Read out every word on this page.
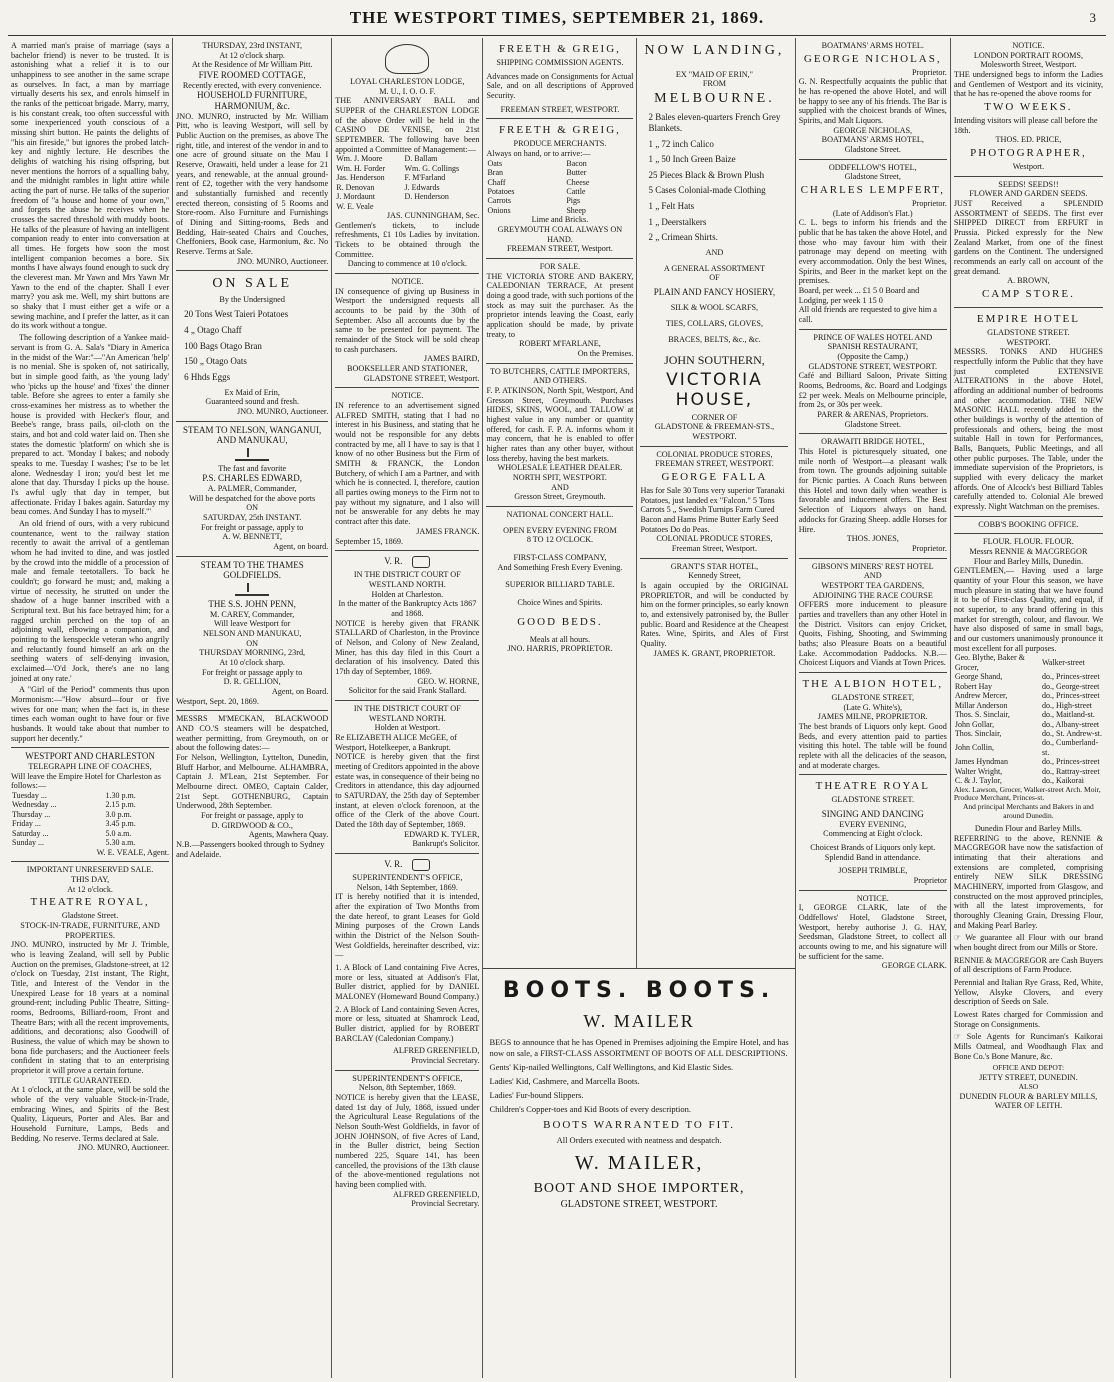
THE WESTPORT TIMES, SEPTEMBER 21, 1869.	3

A married man's praise of marriage (says a bachelor friend) is never to be trusted. It is astonishing what a relief it is to our unhappiness to see another in the same scrape as ourselves. In fact, a man by marriage virtually deserts his sex, and enrols himself in the ranks of the petticoat brigade. Marry, marry, is his constant creak, too often successful with some inexperienced youth conscious of a missing shirt button. He paints the delights of "his ain fireside," but ignores the probed latch-key and nightly lecture. He describes the delights of watching his rising offspring, but never mentions the horrors of a squalling baby, and the midnight rambles in light attire while acting the part of nurse. He talks of the superior freedom of "a house and home of your own," and forgets the abuse he receives when he crosses the sacred threshold with muddy boots. He talks of the pleasure of having an intelligent companion ready to enter into conversation at all times. He forgets how soon the most intelligent companion becomes a bore. Six months I have always found enough to suck dry the cleverest man. Mr Yawn and Mrs Yawn Mr Yawn to the end of the chapter. Shall I ever marry? you ask me. Well, my shirt buttons are so shaky that I must either get a wife or a sewing machine, and I prefer the latter, as it can do its work without a tongue.

The following description of a Yankee maid-servant is from G. A. Sala's "Diary in America in the midst of the War:"—"An American 'help' is no menial. She is spoken of, not satirically, but in simple good faith, as 'the young lady' who 'picks up the house' and 'fixes' the dinner table. Before she agrees to enter a family she cross-examines her mistress as to whether the house is provided with Hecker's flour, and Beebe's range, brass pails, oil-cloth on the stairs, and hot and cold water laid on. Then she states the domestic 'platform' on which she is prepared to act. 'Monday I bakes; and nobody speaks to me. Tuesday I washes; I'se to be let alone. Wednesday I iron; you'd best let me alone that day. Thursday I picks up the house. I's awful ugly that day in temper, but affectionate. Friday I bakes again. Saturday my beau comes. And Sunday I has to myself.'"

An old friend of ours, with a very rubicund countenance, went to the railway station recently to await the arrival of a gentleman whom he had invited to dine, and was jostled by the crowd into the middle of a procession of male and female teetotallers. To back he couldn't; go forward he must; and, making a virtue of necessity, he strutted on under the shadow of a huge banner inscribed with a Scriptural text. But his face betrayed him; for a ragged urchin perched on the top of an adjoining wall, elbowing a companion, and pointing to the kenspeckle veteran who angrily and reluctantly found himself an ark on the seething waters of self-denying invasion, exclaimed—'O'd Jock, there's ane no lang joined at ony rate.'

A "Girl of the Period" comments thus upon Mormonism:—"How absurd—four or five wives for one man; when the fact is, in these times each woman ought to have four or five husbands. It would take about that number to support her decently."

WESTPORT AND CHARLESTON
TELEGRAPH LINE OF COACHES,

Will leave the Empire Hotel for Charleston as follows:—

Tuesday ...	1.30 p.m.
Wednesday ...	2.15 p.m.
Thursday ...	3.0 p.m.
Friday ...	3.45 p.m.
Saturday ...	5.0 a.m.
Sunday ...	5.30 a.m.
W. E. VEALE, Agent.
IMPORTANT UNRESERVED SALE.
THIS DAY,
At 12 o'clock.
THEATRE ROYAL,
Gladstone Street.
STOCK-IN-TRADE, FURNITURE, AND PROPERTIES.

JNO. MUNRO, instructed by Mr J. Trimble, who is leaving Zealand, will sell by Public Auction on the premises, Gladstone-street, at 12 o'clock on Tuesday, 21st instant, The Right, Title, and Interest of the Vendor in the Unexpired Lease for 18 years at a nominal ground-rent; including Public Theatre, Sitting-rooms, Bedrooms, Billiard-room, Front and Theatre Bars; with all the recent improvements, additions, and decorations; also Goodwill of Business, the value of which may be shown to bona fide purchasers; and the Auctioneer feels confident in stating that to an enterprising proprietor it will prove a certain fortune.

TITLE GUARANTEED.

At 1 o'clock, at the same place, will be sold the whole of the very valuable Stock-in-Trade, embracing Wines, and Spirits of the Best Quality, Liqueurs, Porter and Ales. Bar and Household Furniture, Lamps, Beds and Bedding. No reserve. Terms declared at Sale.

JNO. MUNRO, Auctioneer.
THURSDAY, 23rd INSTANT,
At 12 o'clock sharp.
At the Residence of Mr William Pitt.
FIVE ROOMED COTTAGE,
Recently erected, with every convenience.
HOUSEHOLD FURNITURE, HARMONIUM, &c.

JNO. MUNRO, instructed by Mr. William Pitt, who is leaving Westport, will sell by Public Auction on the premises, as above The right, title, and interest of the vendor in and to one acre of ground situate on the Mau I Reserve, Orawaiti, held under a lease for 21 years, and renewable, at the annual ground-rent of £2, together with the very handsome and substantially furnished and recently erected thereon, consisting of 5 Rooms and Store-room. Also Furniture and Furnishings of Dining and Sitting-rooms, Beds and Bedding, Hair-seated Chairs and Couches, Cheffoniers, Book case, Harmonium, &c. No Reserve. Terms at Sale.

JNO. MUNRO, Auctioneer.
ON SALE
By the Undersigned
20 Tons West Taieri Potatoes
4 „ Otago Chaff
100 Bags Otago Bran
150 „ Otago Oats
6 Hhds Eggs
Ex Maid of Erin,
Guaranteed sound and fresh.
JNO. MUNRO, Auctioneer.
STEAM TO NELSON, WANGANUI, AND MANUKAU,
The fast and favorite
P.S. CHARLES EDWARD,
A. PALMER, Commander,
Will be despatched for the above ports
ON
SATURDAY, 25th INSTANT.
For freight or passage, apply to
A. W. BENNETT,
Agent, on board.
STEAM TO THE THAMES GOLDFIELDS.
THE S.S. JOHN PENN,
M. CAREY, Commander,
Will leave Westport for
NELSON AND MANUKAU,
ON
THURSDAY MORNING, 23rd,
At 10 o'clock sharp.
For freight or passage apply to
D. R. GELLION,
Agent, on Board.
Westport, Sept. 20, 1869.

MESSRS M'MECKAN, BLACKWOOD AND CO.'S steamers will be despatched, weather permitting, from Greymouth, on or about the following dates:—

For Nelson, Wellington, Lyttelton, Dunedin, Bluff Harbor, and Melbourne. ALHAMBRA, Captain J. M'Lean, 21st September. For Melbourne direct. OMEO, Captain Calder, 21st Sept. GOTHENBURG, Captain Underwood, 28th September.

For freight or passage, apply to
D. GIRDWOOD & CO.,
Agents, Mawhera Quay.

N.B.—Passengers booked through to Sydney and Adelaide.

LOYAL CHARLESTON LODGE,
M. U., I. O. O. F.

THE ANNIVERSARY BALL and SUPPER of the CHARLESTON LODGE of the above Order will be held in the CASINO DE VENISE, on 21st SEPTEMBER. The following have been appointed a Committee of Management:—

Wm. J. Moore	D. Ballam
Wm. H. Forder	Wm. G. Collings
Jas. Henderson	F. M'Farland
R. Denovan	J. Edwards
J. Mordaunt	D. Henderson
W. E. Veale	
JAS. CUNNINGHAM, Sec.

Gentlemen's tickets, to include refreshments, £1 10s Ladies by invitation. Tickets to be obtained through the Committee.

Dancing to commence at 10 o'clock.
NOTICE.

IN consequence of giving up Business in Westport the undersigned requests all accounts to be paid by the 30th of September. Also all accounts due by the same to be presented for payment. The remainder of the Stock will be sold cheap to cash purchasers.

JAMES BAIRD,
BOOKSELLER AND STATIONER,
GLADSTONE STREET, Westport.
NOTICE.

IN reference to an advertisement signed ALFRED SMITH, stating that I had no interest in his Business, and stating that he would not be responsible for any debts contracted by me, all I have to say is that I know of no other Business but the Firm of SMITH & FRANCK, the London Butchery, of which I am a Partner, and with which he is connected. I, therefore, caution all parties owing moneys to the Firm not to pay without my signature, and I also will not be answerable for any debts he may contract after this date.

JAMES FRANCK.
September 15, 1869.
V. R.
IN THE DISTRICT COURT OF WESTLAND NORTH.
Holden at Charleston.
In the matter of the Bankruptcy Acts 1867 and 1868.

NOTICE is hereby given that FRANK STALLARD of Charleston, in the Province of Nelson, and Colony of New Zealand, Miner, has this day filed in this Court a declaration of his insolvency. Dated this 17th day of September, 1869.

GEO. W. HORNE,
Solicitor for the said Frank Stallard.
IN THE DISTRICT COURT OF WESTLAND NORTH.
Holden at Westport.

Re ELIZABETH ALICE McGEE, of Westport, Hotelkeeper, a Bankrupt.

NOTICE is hereby given that the first meeting of Creditors appointed in the above estate was, in consequence of their being no Creditors in attendance, this day adjourned to SATURDAY, the 25th day of September instant, at eleven o'clock forenoon, at the office of the Clerk of the above Court. Dated the 18th day of September, 1869.

EDWARD K. TYLER,
Bankrupt's Solicitor.
V. R.
SUPERINTENDENT'S OFFICE,
Nelson, 14th September, 1869.

IT is hereby notified that it is intended, after the expiration of Two Months from the date hereof, to grant Leases for Gold Mining purposes of the Crown Lands within the District of the Nelson South-West Goldfields, hereinafter described, viz:—

1. A Block of Land containing Five Acres, more or less, situated at Addison's Flat, Buller district, applied for by DANIEL MALONEY (Homeward Bound Company.)
2. A Block of Land containing Seven Acres, more or less, situated at Shamrock Lead, Buller district, applied for by ROBERT BARCLAY (Caledonian Company.)
ALFRED GREENFIELD,
Provincial Secretary.
SUPERINTENDENT'S OFFICE,
Nelson, 8th September, 1869.

NOTICE is hereby given that the LEASE, dated 1st day of July, 1868, issued under the Agricultural Lease Regulations of the Nelson South-West Goldfields, in favor of JOHN JOHNSON, of five Acres of Land, in the Buller district, being Section numbered 225, Square 141, has been cancelled, the provisions of the 13th clause of the above-mentioned regulations not having been complied with.

ALFRED GREENFIELD,
Provincial Secretary.
FREETH & GREIG,
SHIPPING COMMISSION AGENTS.

Advances made on Consignments for Actual Sale, and on all descriptions of Approved Security.

FREEMAN STREET, WESTPORT.
FREETH & GREIG,
PRODUCE MERCHANTS.
Always on hand, or to arrive:—
Oats	Bacon
Bran	Butter
Chaff	Cheese
Potatoes	Cattle
Carrots	Pigs
Onions	Sheep
Lime and Bricks.
GREYMOUTH COAL ALWAYS ON HAND.
FREEMAN STREET, Westport.
FOR SALE.

THE VICTORIA STORE AND BAKERY, CALEDONIAN TERRACE, At present doing a good trade, with such portions of the stock as may suit the purchaser. As the proprietor intends leaving the Coast, early application should be made, by private treaty, to

ROBERT M'FARLANE,
On the Premises.
TO BUTCHERS, CATTLE IMPORTERS, AND OTHERS.

F. P. ATKINSON, North Spit, Westport, And Gresson Street, Greymouth. Purchases HIDES, SKINS, WOOL, and TALLOW at highest value in any number or quantity offered, for cash. F. P. A. informs whom it may concern, that he is enabled to offer higher rates than any other buyer, without loss thereby, having the best markets.

WHOLESALE LEATHER DEALER.
NORTH SPIT, WESTPORT.
AND
Gresson Street, Greymouth.
NATIONAL CONCERT HALL.
OPEN EVERY EVENING FROM
8 TO 12 O'CLOCK.
FIRST-CLASS COMPANY,
And Something Fresh Every Evening.
SUPERIOR BILLIARD TABLE.
Choice Wines and Spirits.
GOOD BEDS.
Meals at all hours.
JNO. HARRIS, PROPRIETOR.
NOW LANDING,
EX "MAID OF ERIN,"
FROM
MELBOURNE.
2 Bales eleven-quarters French Grey Blankets.
1 „ 72 inch Calico
1 „ 50 Inch Green Baize
25 Pieces Black & Brown Plush
5 Cases Colonial-made Clothing
1 „ Felt Hats
1 „ Deerstalkers
2 „ Crimean Shirts.
AND
A GENERAL ASSORTMENT
OF
PLAIN AND FANCY HOSIERY,
SILK & WOOL SCARFS,
TIES, COLLARS, GLOVES,
BRACES, BELTS, &c., &c.
JOHN SOUTHERN,
VICTORIA HOUSE,
CORNER OF
GLADSTONE & FREEMAN-STS.,
WESTPORT.
COLONIAL PRODUCE STORES,
FREEMAN STREET, WESTPORT.
GEORGE FALLA

Has for Sale 30 Tons very superior Taranaki Potatoes, just landed ex "Falcon." 5 Tons Carrots 5 „ Swedish Turnips Farm Cured Bacon and Hams Prime Butter Early Seed Potatoes Do do Peas.

COLONIAL PRODUCE STORES,
Freeman Street, Westport.
GRANT'S STAR HOTEL,
Kennedy Street,

Is again occupied by the ORIGINAL PROPRIETOR, and will be conducted by him on the former principles, so early known to, and extensively patronised by, the Buller public. Board and Residence at the Cheapest Rates. Wine, Spirits, and Ales of First Quality.

JAMES K. GRANT, PROPRIETOR.
BOOTS. BOOTS.
W. MAILER

BEGS to announce that he has Opened in Premises adjoining the Empire Hotel, and has now on sale, a FIRST-CLASS ASSORTMENT OF BOOTS OF ALL DESCRIPTIONS.

Gents' Kip-nailed Wellingtons, Calf Wellingtons, and Kid Elastic Sides.
Ladies' Kid, Cashmere, and Marcella Boots.
Ladies' Fur-bound Slippers.
Children's Copper-toes and Kid Boots of every description.
BOOTS WARRANTED TO FIT.
All Orders executed with neatness and despatch.
W. MAILER,
BOOT AND SHOE IMPORTER,
GLADSTONE STREET, WESTPORT.
BOATMANS' ARMS HOTEL.
GEORGE NICHOLAS,
Proprietor.

G. N. Respectfully acquaints the public that he has re-opened the above Hotel, and will be happy to see any of his friends. The Bar is supplied with the choicest brands of Wines, Spirits, and Malt Liquors.

GEORGE NICHOLAS,
BOATMANS' ARMS HOTEL,
Gladstone Street.
ODDFELLOW'S HOTEL,
Gladstone Street,
CHARLES LEMPFERT,
Proprietor.
(Late of Addison's Flat.)

C. L. begs to inform his friends and the public that he has taken the above Hotel, and those who may favour him with their patronage may depend on meeting with every accommodation. Only the best Wines, Spirits, and Beer in the market kept on the premises.

Board, per week ... £1 5 0 Board and Lodging, per week 1 15 0

All old friends are requested to give him a call.

PRINCE OF WALES HOTEL AND SPANISH RESTAURANT,
(Opposite the Camp,)
GLADSTONE STREET, WESTPORT.

Café and Billiard Saloon, Private Sitting Rooms, Bedrooms, &c. Board and Lodgings £2 per week. Meals on Melbourne principle, from 2s, or 30s per week.

PARER & ARENAS, Proprietors.
Gladstone Street.
ORAWAITI BRIDGE HOTEL,

This Hotel is picturesquely situated, one mile north of Westport—a pleasant walk from town. The grounds adjoining suitable for Picnic parties. A Coach Runs between this Hotel and town daily when weather is favorable and inducement offers. The Best Selection of Liquors always on hand. addocks for Grazing Sheep. addle Horses for Hire.

THOS. JONES,
Proprietor.
GIBSON'S MINERS' REST HOTEL
AND
WESTPORT TEA GARDENS,
ADJOINING THE RACE COURSE

OFFERS more inducement to pleasure parties and travellers than any other Hotel in the District. Visitors can enjoy Cricket, Quoits, Fishing, Shooting, and Swimming baths; also Pleasure Boats on a beautiful Lake. Accommodation Paddocks. N.B.—Choicest Liquors and Viands at Town Prices.

THE ALBION HOTEL,
GLADSTONE STREET,
(Late G. White's),
JAMES MILNE, PROPRIETOR.

The best brands of Liquors only kept. Good Beds, and every attention paid to parties visiting this hotel. The table will be found replete with all the delicacies of the season, and at moderate charges.

THEATRE ROYAL
GLADSTONE STREET.
SINGING AND DANCING
EVERY EVENING,
Commencing at Eight o'clock.
Choicest Brands of Liquors only kept.
Splendid Band in attendance.
JOSEPH TRIMBLE,
Proprietor
NOTICE.

I, GEORGE CLARK, late of the Oddfellows' Hotel, Gladstone Street, Westport, hereby authorise J. G. HAY, Seedsman, Gladstone Street, to collect all accounts owing to me, and his signature will be sufficient for the same.

GEORGE CLARK.
NOTICE.
LONDON PORTRAIT ROOMS,
Molesworth Street, Westport.

THE undersigned begs to inform the Ladies and Gentlemen of Westport and its vicinity, that he has re-opened the above rooms for

TWO WEEKS.

Intending visitors will please call before the 18th.

THOS. ED. PRICE,
PHOTOGRAPHER,
Westport.
SEEDS! SEEDS!!
FLOWER AND GARDEN SEEDS.

JUST Received a SPLENDID ASSORTMENT of SEEDS. The first ever SHIPPED DIRECT from ERFURT in Prussia. Picked expressly for the New Zealand Market, from one of the finest gardens on the Continent. The undersigned recommends an early call on account of the great demand.

A. BROWN,
CAMP STORE.
EMPIRE HOTEL
GLADSTONE STREET.
WESTPORT.

MESSRS. TONKS AND HUGHES respectfully inform the Public that they have just completed EXTENSIVE ALTERATIONS in the above Hotel, affording an additional number of bedrooms and other accommodation. THE NEW MASONIC HALL recently added to the other buildings is worthy of the attention of professionals and others, being the most suitable Hall in town for Performances, Balls, Banquets, Public Meetings, and all other public purposes. The Table, under the immediate supervision of the Proprietors, is supplied with every delicacy the market affords. One of Alcock's best Billiard Tables carefully attended to. Colonial Ale brewed expressly. Night Watchman on the premises.

COBB'S BOOKING OFFICE.
FLOUR. FLOUR. FLOUR.
Messrs RENNIE & MACGREGOR
Flour and Barley Mills, Dunedin.

GENTLEMEN,— Having used a large quantity of your Flour this season, we have much pleasure in stating that we have found it to be of First-class Quality, and equal, if not superior, to any brand offering in this market for strength, colour, and flavour. We have also disposed of same in small bags, and our customers unanimously pronounce it most excellent for all purposes.

Geo. Blythe, Baker & Grocer,	Walker-street
George Shand,	do., Princes-street
Robert Hay	do., George-street
Andrew Mercer,	do., Princes-street
Millar Anderson	do., High-street
Thos. S. Sinclair,	do., Maitland-st.
John Gollar,	do., Albany-street
Thos. Sinclair,	do., St. Andrew-st.
John Collin,	do., Cumberland-st.
James Hyndman	do., Princes-street
Walter Wright,	do., Rattray-street
C. & J. Taylor,	do., Kaikorai

Alex. Lawson, Grocer, Walker-street Arch. Moir, Produce Merchant, Princes-st.

And principal Merchants and Bakers in and around Dunedin.
Dunedin Flour and Barley Mills.

REFERRING to the above, RENNIE & MACGREGOR have now the satisfaction of intimating that their alterations and extensions are completed, comprising entirely NEW SILK DRESSING MACHINERY, imported from Glasgow, and constructed on the most approved principles, with all the latest improvements, for thoroughly Cleaning Grain, Dressing Flour, and Making Pearl Barley.

☞ We guarantee all Flour with our brand when bought direct from our Mills or Store.

RENNIE & MACGREGOR are Cash Buyers of all descriptions of Farm Produce.

Perennial and Italian Rye Grass, Red, White, Yellow, Alsyke Clovers, and every description of Seeds on Sale.

Lowest Rates charged for Commission and Storage on Consignments.

☞ Sole Agents for Runciman's Kaikorai Mills Oatmeal, and Woodhaugh Flax and Bone Co.'s Bone Manure, &c.

OFFICE AND DEPOT:
JETTY STREET, DUNEDIN.
ALSO
DUNEDIN FLOUR & BARLEY MILLS,
WATER OF LEITH.
